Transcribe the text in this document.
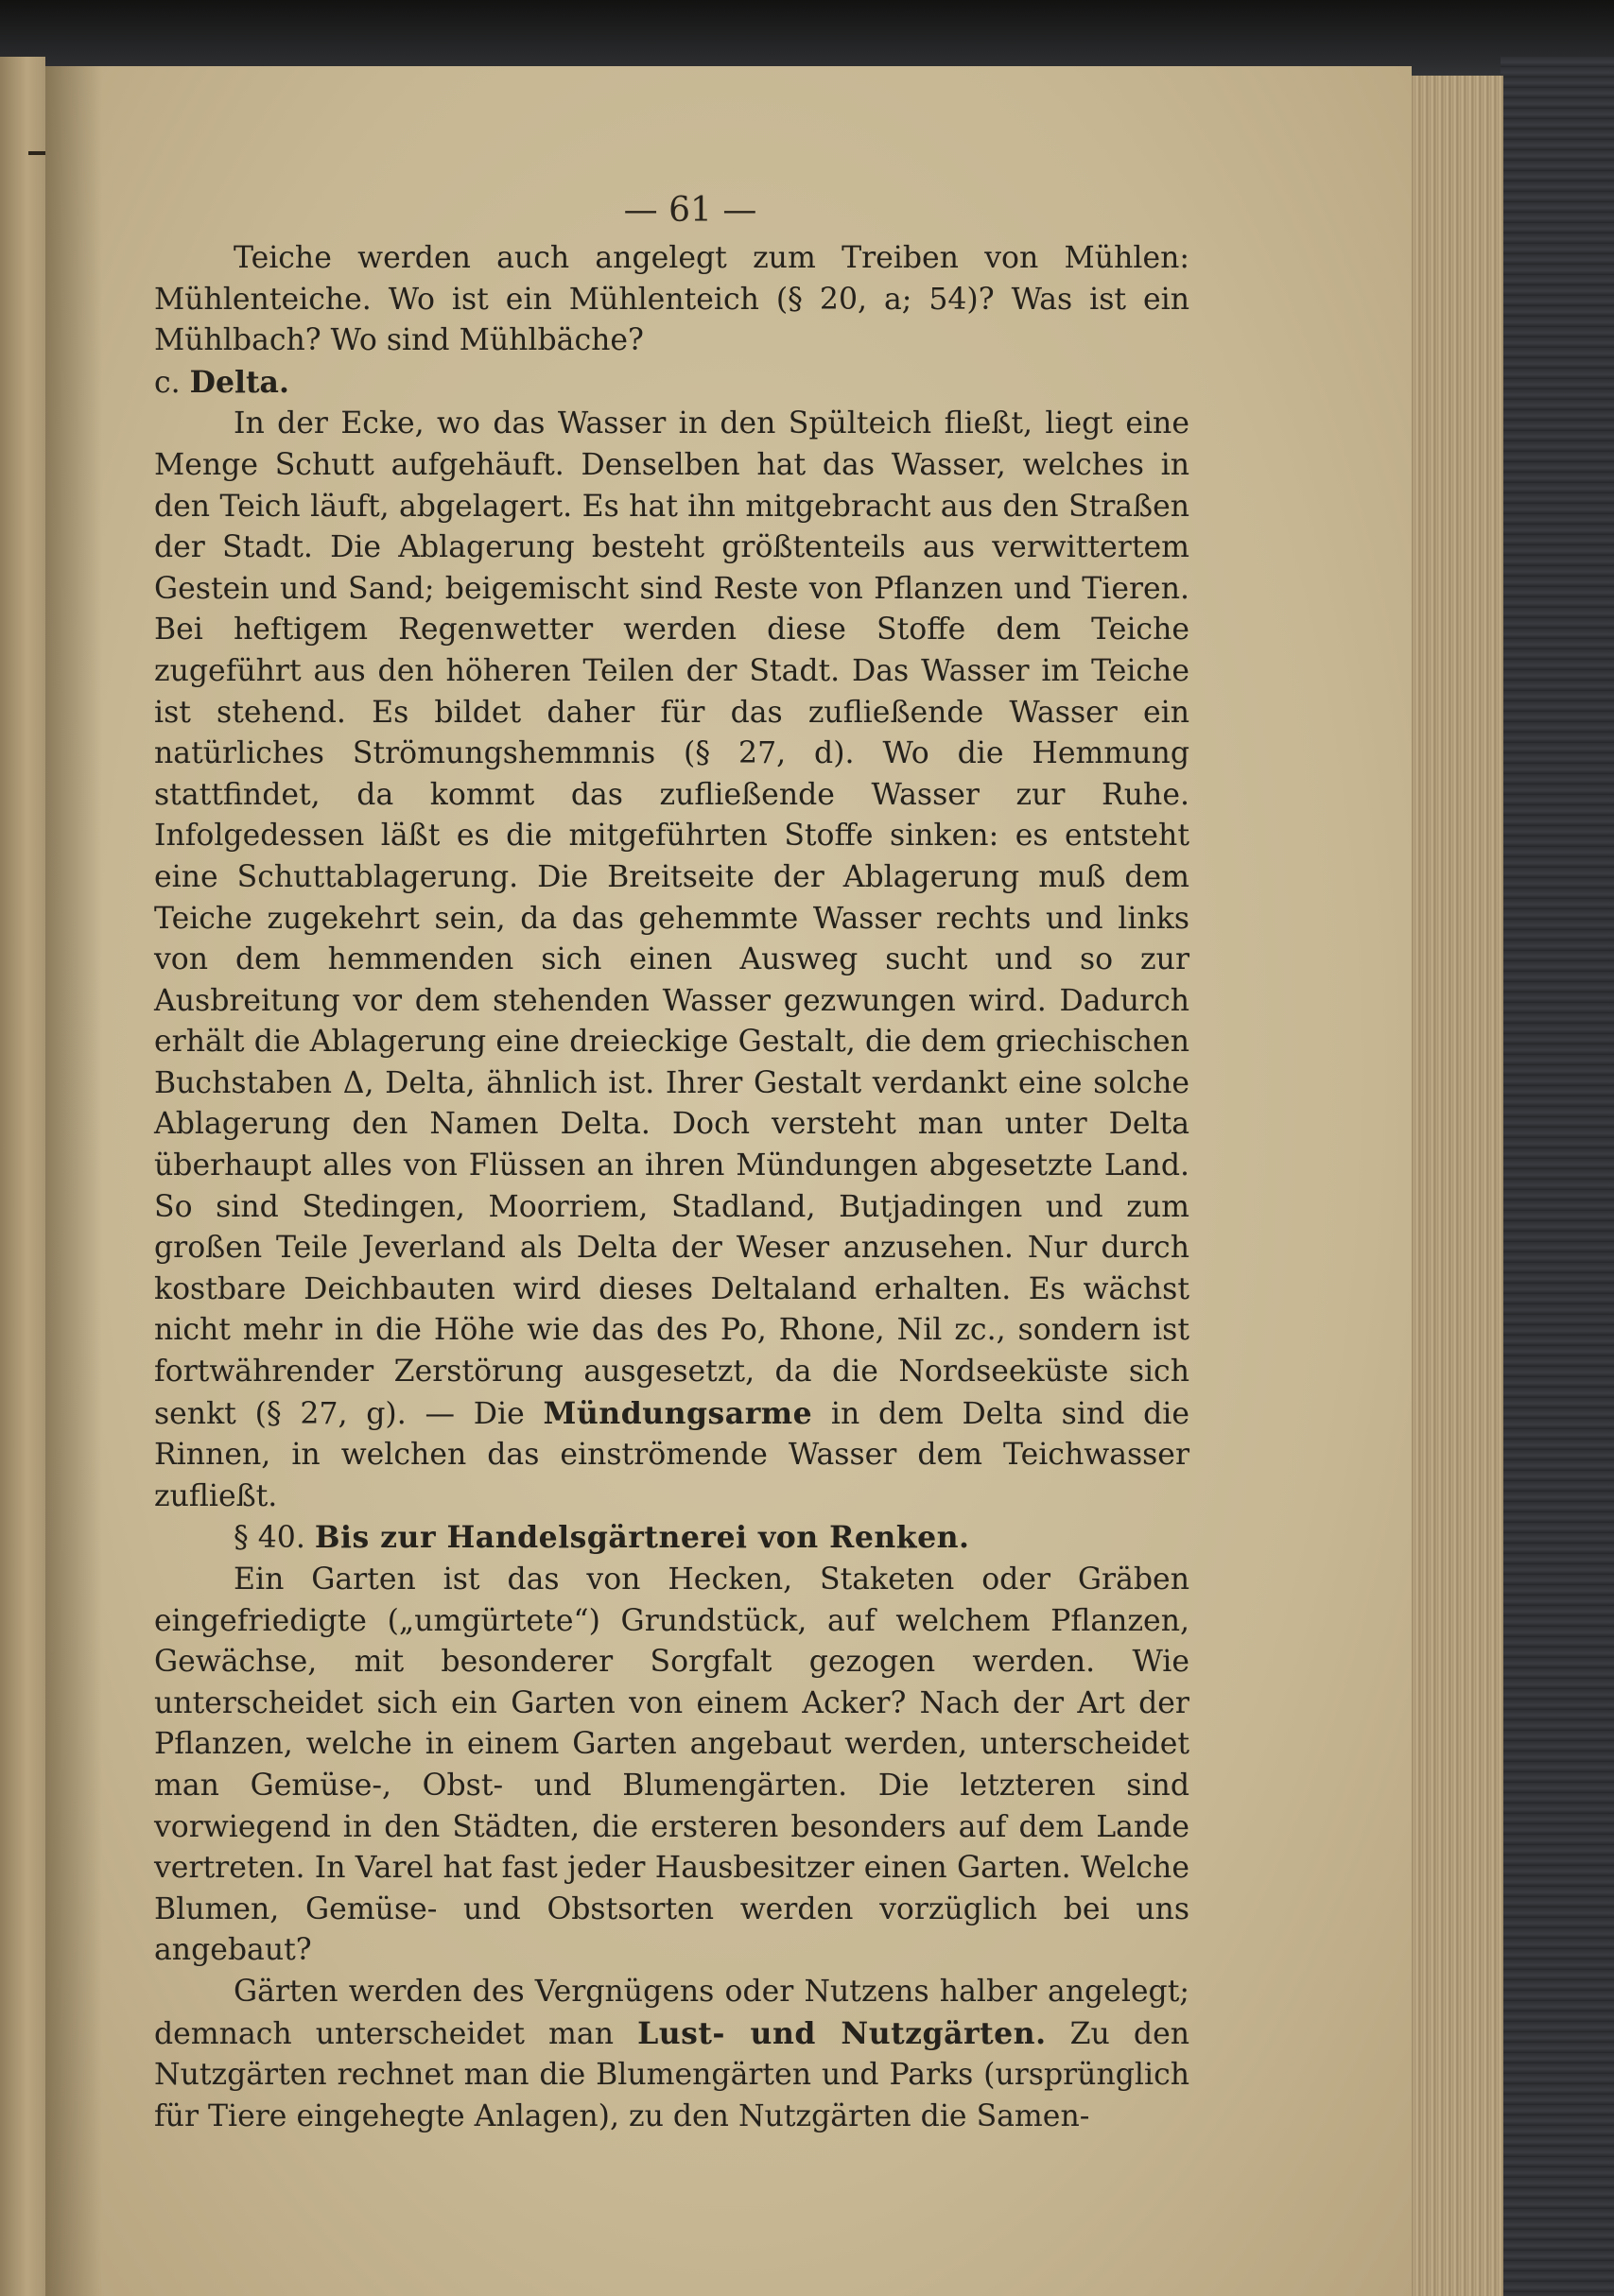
— 61 —

Teiche werden auch angelegt zum Treiben von Mühlen: Mühlenteiche. Wo ist ein Mühlenteich (§ 20, a; 54)? Was ist ein Mühlbach? Wo sind Mühlbäche?

c. Delta.

In der Ecke, wo das Wasser in den Spülteich fließt, liegt eine Menge Schutt aufgehäuft. Denselben hat das Wasser, welches in den Teich läuft, abgelagert. Es hat ihn mitgebracht aus den Straßen der Stadt. Die Ablagerung besteht größtenteils aus verwittertem Gestein und Sand; beigemischt sind Reste von Pflanzen und Tieren. Bei heftigem Regenwetter werden diese Stoffe dem Teiche zugeführt aus den höheren Teilen der Stadt. Das Wasser im Teiche ist stehend. Es bildet daher für das zufließende Wasser ein natürliches Strömungshemmnis (§ 27, d). Wo die Hemmung stattfindet, da kommt das zufließende Wasser zur Ruhe. Infolgedessen läßt es die mitgeführten Stoffe sinken: es entsteht eine Schuttablagerung. Die Breitseite der Ablagerung muß dem Teiche zugekehrt sein, da das gehemmte Wasser rechts und links von dem hemmenden sich einen Ausweg sucht und so zur Ausbreitung vor dem stehenden Wasser gezwungen wird. Dadurch erhält die Ablagerung eine dreieckige Gestalt, die dem griechischen Buchstaben Δ, Delta, ähnlich ist. Ihrer Gestalt verdankt eine solche Ablagerung den Namen Delta. Doch versteht man unter Delta überhaupt alles von Flüssen an ihren Mündungen abgesetzte Land. So sind Stedingen, Moorriem, Stadland, Butjadingen und zum großen Teile Jeverland als Delta der Weser anzusehen. Nur durch kostbare Deichbauten wird dieses Deltaland erhalten. Es wächst nicht mehr in die Höhe wie das des Po, Rhone, Nil zc., sondern ist fortwährender Zerstörung ausgesetzt, da die Nordseeküste sich senkt (§ 27, g). — Die Mündungsarme in dem Delta sind die Rinnen, in welchen das einströmende Wasser dem Teichwasser zufließt.

§ 40. Bis zur Handelsgärtnerei von Renken.

Ein Garten ist das von Hecken, Staketen oder Gräben eingefriedigte („umgürtete“) Grundstück, auf welchem Pflanzen, Gewächse, mit besonderer Sorgfalt gezogen werden. Wie unterscheidet sich ein Garten von einem Acker? Nach der Art der Pflanzen, welche in einem Garten angebaut werden, unterscheidet man Gemüse-, Obst- und Blumengärten. Die letzteren sind vorwiegend in den Städten, die ersteren besonders auf dem Lande vertreten. In Varel hat fast jeder Hausbesitzer einen Garten. Welche Blumen, Gemüse- und Obstsorten werden vorzüglich bei uns angebaut?

Gärten werden des Vergnügens oder Nutzens halber angelegt; demnach unterscheidet man Lust- und Nutzgärten. Zu den Nutzgärten rechnet man die Blumengärten und Parks (ursprünglich für Tiere eingehegte Anlagen), zu den Nutzgärten die Samen-
